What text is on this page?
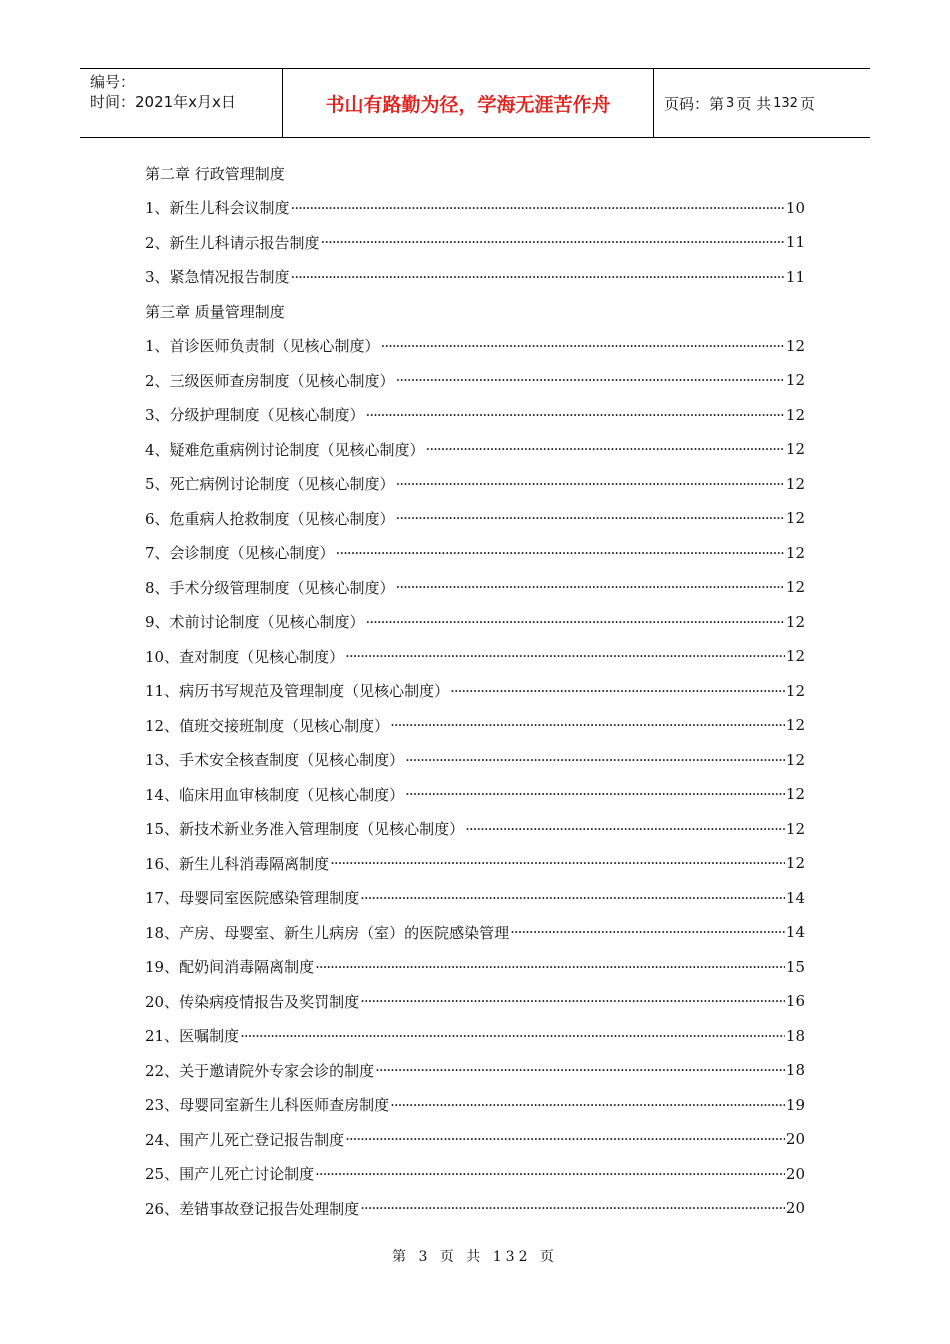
编号：
时间：2021年x月x日	书山有路勤为径，学海无涯苦作舟	页码：第 3 页 共 132 页
第二章 行政管理制度
1、新生儿科会议制度 ·····	10
2、新生儿科请示报告制度 ·····	11
3、紧急情况报告制度 ·····	11
第三章 质量管理制度
1、首诊医师负责制（见核心制度） ·····	12
2、三级医师查房制度（见核心制度） ·····	12
3、分级护理制度（见核心制度） ·····	12
4、疑难危重病例讨论制度（见核心制度） ·····	12
5、死亡病例讨论制度（见核心制度） ·····	12
6、危重病人抢救制度（见核心制度） ·····	12
7、会诊制度（见核心制度） ·····	12
8、手术分级管理制度（见核心制度） ·····	12
9、术前讨论制度（见核心制度） ·····	12
10、查对制度（见核心制度） ·····	12
11、病历书写规范及管理制度（见核心制度） ·····	12
12、值班交接班制度（见核心制度） ·····	12
13、手术安全核查制度（见核心制度） ·····	12
14、临床用血审核制度（见核心制度） ·····	12
15、新技术新业务准入管理制度（见核心制度） ·····	12
16、新生儿科消毒隔离制度 ·····	12
17、母婴同室医院感染管理制度 ·····	14
18、产房、母婴室、新生儿病房（室）的医院感染管理 ·····	14
19、配奶间消毒隔离制度 ·····	15
20、传染病疫情报告及奖罚制度 ·····	16
21、医嘱制度 ·····	18
22、关于邀请院外专家会诊的制度 ·····	18
23、母婴同室新生儿科医师查房制度 ·····	19
24、围产儿死亡登记报告制度 ·····	20
25、围产儿死亡讨论制度 ·····	20
26、差错事故登记报告处理制度 ·····	20
第 3 页 共 132 页
